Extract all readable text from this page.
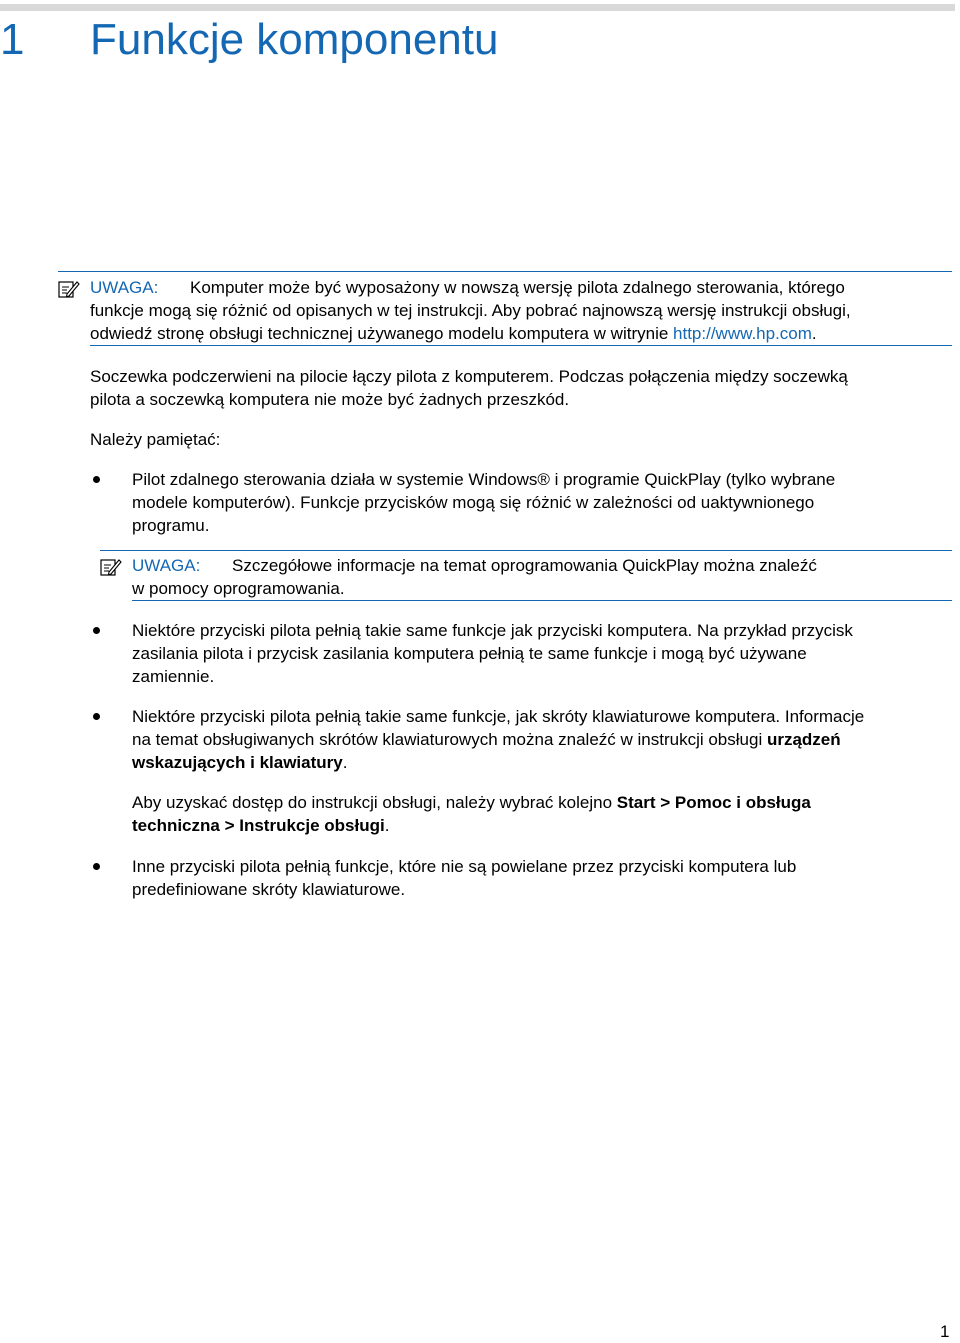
1 Funkcje komponentu
UWAGA: Komputer może być wyposażony w nowszą wersję pilota zdalnego sterowania, którego
funkcje mogą się różnić od opisanych w tej instrukcji. Aby pobrać najnowszą wersję instrukcji obsługi,
odwiedź stronę obsługi technicznej używanego modelu komputera w witrynie http://www.hp.com.
Soczewka podczerwieni na pilocie łączy pilota z komputerem. Podczas połączenia między soczewką
pilota a soczewką komputera nie może być żadnych przeszkód.
Należy pamiętać:
Pilot zdalnego sterowania działa w systemie Windows® i programie QuickPlay (tylko wybrane
modele komputerów). Funkcje przycisków mogą się różnić w zależności od uaktywnionego
programu.
UWAGA: Szczegółowe informacje na temat oprogramowania QuickPlay można znaleźć
w pomocy oprogramowania.
Niektóre przyciski pilota pełnią takie same funkcje jak przyciski komputera. Na przykład przycisk
zasilania pilota i przycisk zasilania komputera pełnią te same funkcje i mogą być używane
zamiennie.
Niektóre przyciski pilota pełnią takie same funkcje, jak skróty klawiaturowe komputera. Informacje
na temat obsługiwanych skrótów klawiaturowych można znaleźć w instrukcji obsługi urządzeń
wskazujących i klawiatury.
Aby uzyskać dostęp do instrukcji obsługi, należy wybrać kolejno Start > Pomoc i obsługa
techniczna > Instrukcje obsługi.
Inne przyciski pilota pełnią funkcje, które nie są powielane przez przyciski komputera lub
predefiniowane skróty klawiaturowe.
1
